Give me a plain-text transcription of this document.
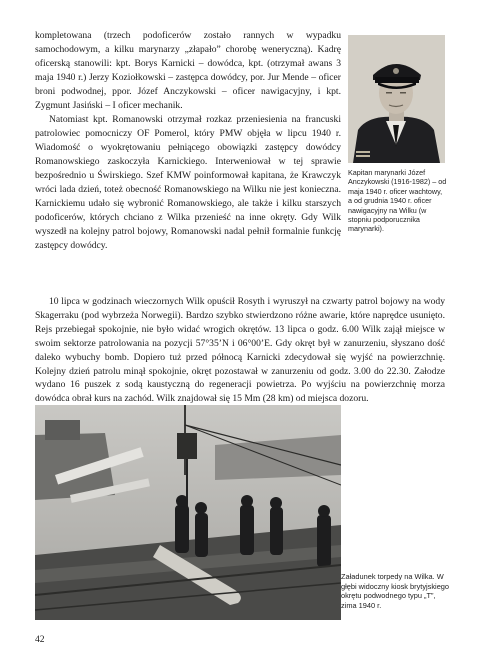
kompletowana (trzech podoficerów zostało rannych w wypadku samochodowym, a kilku marynarzy „złapało” chorobę weneryczną). Kadrę oficerską stanowili: kpt. Borys Karnicki – dowódca, kpt. (otrzymał awans 3 maja 1940 r.) Jerzy Koziołkowski – zastępca dowódcy, por. Jur Mende – oficer broni podwodnej, ppor. Józef Anczykowski – oficer nawigacyjny, i kpt. Zygmunt Jasiński – I oficer mechanik.

Natomiast kpt. Romanowski otrzymał rozkaz przeniesienia na francuski patrolowiec pomocniczy OF Pomerol, który PMW objęła w lipcu 1940 r. Wiadomość o wyokrętowaniu pełniącego obowiązki zastępcy dowódcy Romanowskiego zaskoczyła Karnickiego. Interweniował w tej sprawie bezpośrednio u Świrskiego. Szef KMW poinformował kapitana, że Krawczyk wróci lada dzień, toteż obecność Romanowskiego na Wilku nie jest konieczna. Karnickiemu udało się wybronić Romanowskiego, ale także i kilku starszych podoficerów, których chciano z Wilka przenieść na inne okręty. Gdy Wilk wyszedł na kolejny patrol bojowy, Romanowski nadal pełnił formalnie funkcję zastępcy dowódcy.

Kapitan marynarki Józef Anczykowski (1916-1982) – od maja 1940 r. oficer wachtowy, a od grudnia 1940 r. oficer nawigacyjny na Wilku (w stopniu podporucznika marynarki).

10 lipca w godzinach wieczornych Wilk opuścił Rosyth i wyruszył na czwarty patrol bojowy na wody Skagerraku (pod wybrzeża Norwegii). Bardzo szybko stwierdzono różne awarie, które naprędce usunięto. Rejs przebiegał spokojnie, nie było widać wrogich okrętów. 13 lipca o godz. 6.00 Wilk zajął miejsce w swoim sektorze patrolowania na pozycji 57°35’N i 06°00’E. Gdy okręt był w zanurzeniu, słyszano dość daleko wybuchy bomb. Dopiero tuż przed północą Karnicki zdecydował się wyjść na powierzchnię. Kolejny dzień patrolu minął spokojnie, okręt pozostawał w zanurzeniu od godz. 3.00 do 22.30. Załodze wydano 16 puszek z sodą kaustyczną do regeneracji powietrza. Po wyjściu na powierzchnię morza dowódca obrał kurs na zachód. Wilk znajdował się 15 Mm (28 km) od miejsca dozoru.

Załadunek torpedy na Wilka. W głębi widoczny kiosk brytyjskiego okrętu podwodnego typu „T”, zima 1940 r.
42
